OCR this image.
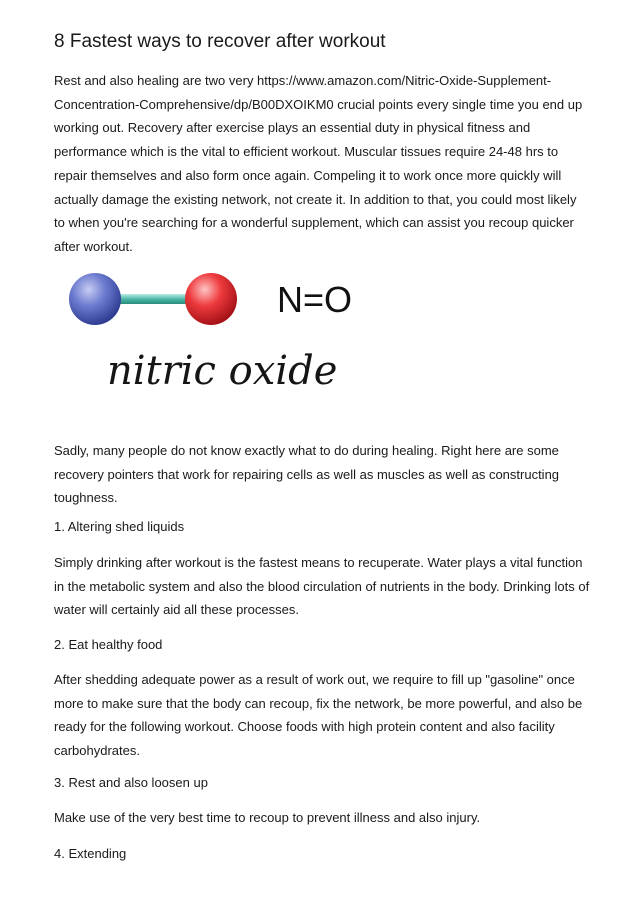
8 Fastest ways to recover after workout
Rest and also healing are two very https://www.amazon.com/Nitric-Oxide-Supplement-
Concentration-Comprehensive/dp/B00DXOIKM0 crucial points every single time you end up
working out. Recovery after exercise plays an essential duty in physical fitness and
performance which is the vital to efficient workout. Muscular tissues require 24-48 hrs to
repair themselves and also form once again. Compeling it to work once more quickly will
actually damage the existing network, not create it. In addition to that, you could most likely
to when you're searching for a wonderful supplement, which can assist you recoup quicker
after workout.
N=O
nitric oxide
Sadly, many people do not know exactly what to do during healing. Right here are some
recovery pointers that work for repairing cells as well as muscles as well as constructing
toughness.
1. Altering shed liquids
Simply drinking after workout is the fastest means to recuperate. Water plays a vital function
in the metabolic system and also the blood circulation of nutrients in the body. Drinking lots of
water will certainly aid all these processes.
2. Eat healthy food
After shedding adequate power as a result of work out, we require to fill up "gasoline" once
more to make sure that the body can recoup, fix the network, be more powerful, and also be
ready for the following workout. Choose foods with high protein content and also facility
carbohydrates.
3. Rest and also loosen up
Make use of the very best time to recoup to prevent illness and also injury.
4. Extending
